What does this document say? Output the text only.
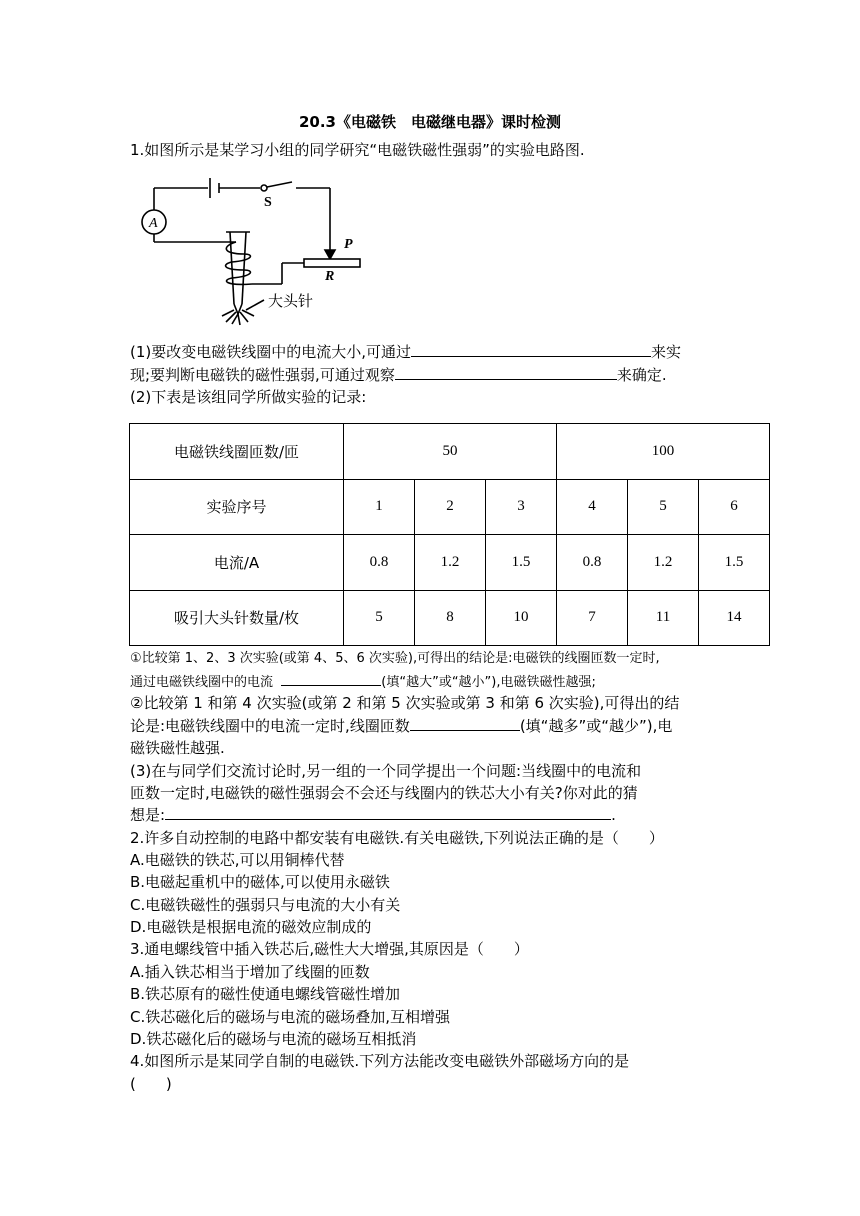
20.3《电磁铁　电磁继电器》课时检测
1.如图所示是某学习小组的同学研究“电磁铁磁性强弱”的实验电路图.
A
S
P
R
大头针
(1)要改变电磁铁线圈中的电流大小,可通过	来实
现;要判断电磁铁的磁性强弱,可通过观察	来确定.
(2)下表是该组同学所做实验的记录:
电磁铁线圈匝数/匝	50			100		
实验序号	1	2	3	4	5	6
电流/A	0.8	1.2	1.5	0.8	1.2	1.5
吸引大头针数量/枚	5	8	10	7	11	14
①比较第 1、2、3 次实验(或第 4、5、6 次实验),可得出的结论是:电磁铁的线圈匝数一定时,
通过电磁铁线圈中的电流	(填“越大”或“越小”),电磁铁磁性越强;
②比较第 1 和第 4 次实验(或第 2 和第 5 次实验或第 3 和第 6 次实验),可得出的结
论是:电磁铁线圈中的电流一定时,线圈匝数	(填“越多”或“越少”),电
磁铁磁性越强.
(3)在与同学们交流讨论时,另一组的一个同学提出一个问题:当线圈中的电流和
匝数一定时,电磁铁的磁性强弱会不会还与线圈内的铁芯大小有关?你对此的猜
想是:	.
2.许多自动控制的电路中都安装有电磁铁.有关电磁铁,下列说法正确的是（　　）
A.电磁铁的铁芯,可以用铜棒代替
B.电磁起重机中的磁体,可以使用永磁铁
C.电磁铁磁性的强弱只与电流的大小有关
D.电磁铁是根据电流的磁效应制成的
3.通电螺线管中插入铁芯后,磁性大大增强,其原因是（　　）
A.插入铁芯相当于增加了线圈的匝数
B.铁芯原有的磁性使通电螺线管磁性增加
C.铁芯磁化后的磁场与电流的磁场叠加,互相增强
D.铁芯磁化后的磁场与电流的磁场互相抵消
4.如图所示是某同学自制的电磁铁.下列方法能改变电磁铁外部磁场方向的是
(　　)
